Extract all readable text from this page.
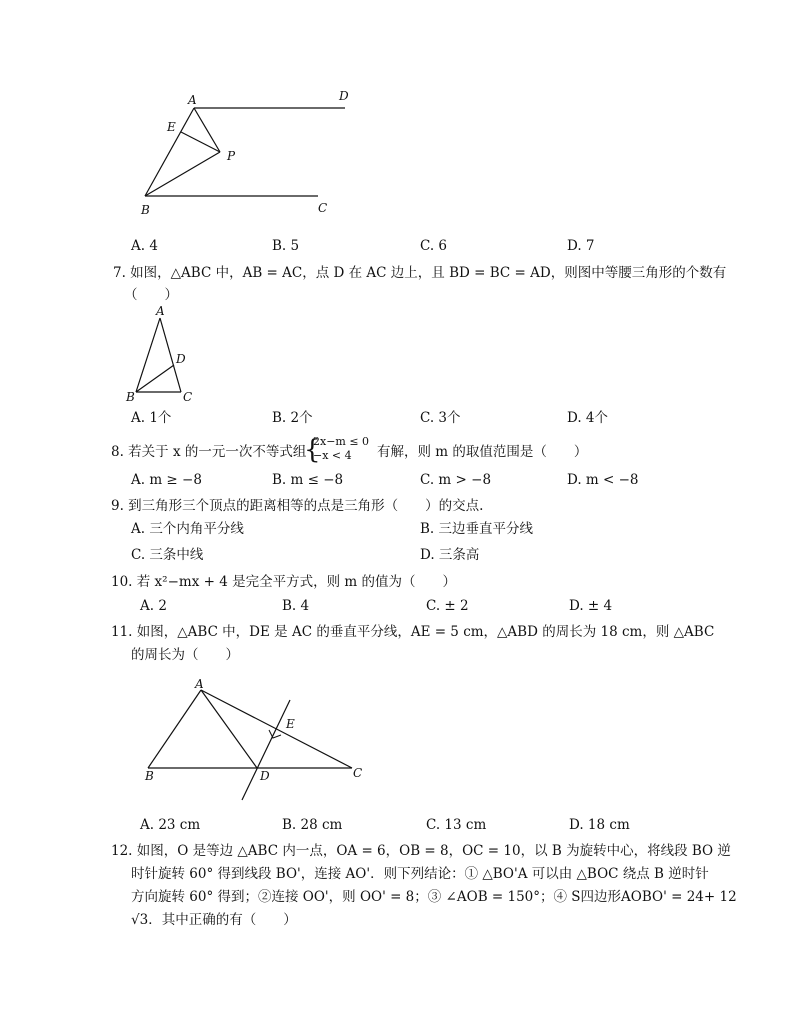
A	D
E
P
B	C
A. 4	B. 5	C. 6	D. 7
7. 如图，△ABC 中，AB = AC，点 D 在 AC 边上，且 BD = BC = AD，则图中等腰三角形的个数有
（　　）
A
D
B	C
A. 1个	B. 2个	C. 3个	D. 4个
8. 若关于 x 的一元一次不等式组
{
2x−m ≤ 0
−x < 4 有解，则 m 的取值范围是（　　）
A. m ≥ −8	B. m ≤ −8	C. m > −8	D. m < −8
9. 到三角形三个顶点的距离相等的点是三角形（　　）的交点.
A. 三个内角平分线	B. 三边垂直平分线
C. 三条中线	D. 三条高
10. 若 x²−mx + 4 是完全平方式，则 m 的值为（　　）
A. 2	B. 4	C. ± 2	D. ± 4
11. 如图，△ABC 中，DE 是 AC 的垂直平分线，AE = 5 cm，△ABD 的周长为 18 cm，则 △ABC
的周长为（　　）
A
E
B	D	C
A. 23 cm	B. 28 cm	C. 13 cm	D. 18 cm
12. 如图，O 是等边 △ABC 内一点，OA = 6，OB = 8，OC = 10，以 B 为旋转中心，将线段 BO 逆
时针旋转 60° 得到线段 BO'，连接 AO'．则下列结论：① △BO'A 可以由 △BOC 绕点 B 逆时针
方向旋转 60° 得到；②连接 OO'，则 OO' = 8；③ ∠AOB = 150°；④ S四边形AOBO' = 24+ 12
√3．其中正确的有（　　）
